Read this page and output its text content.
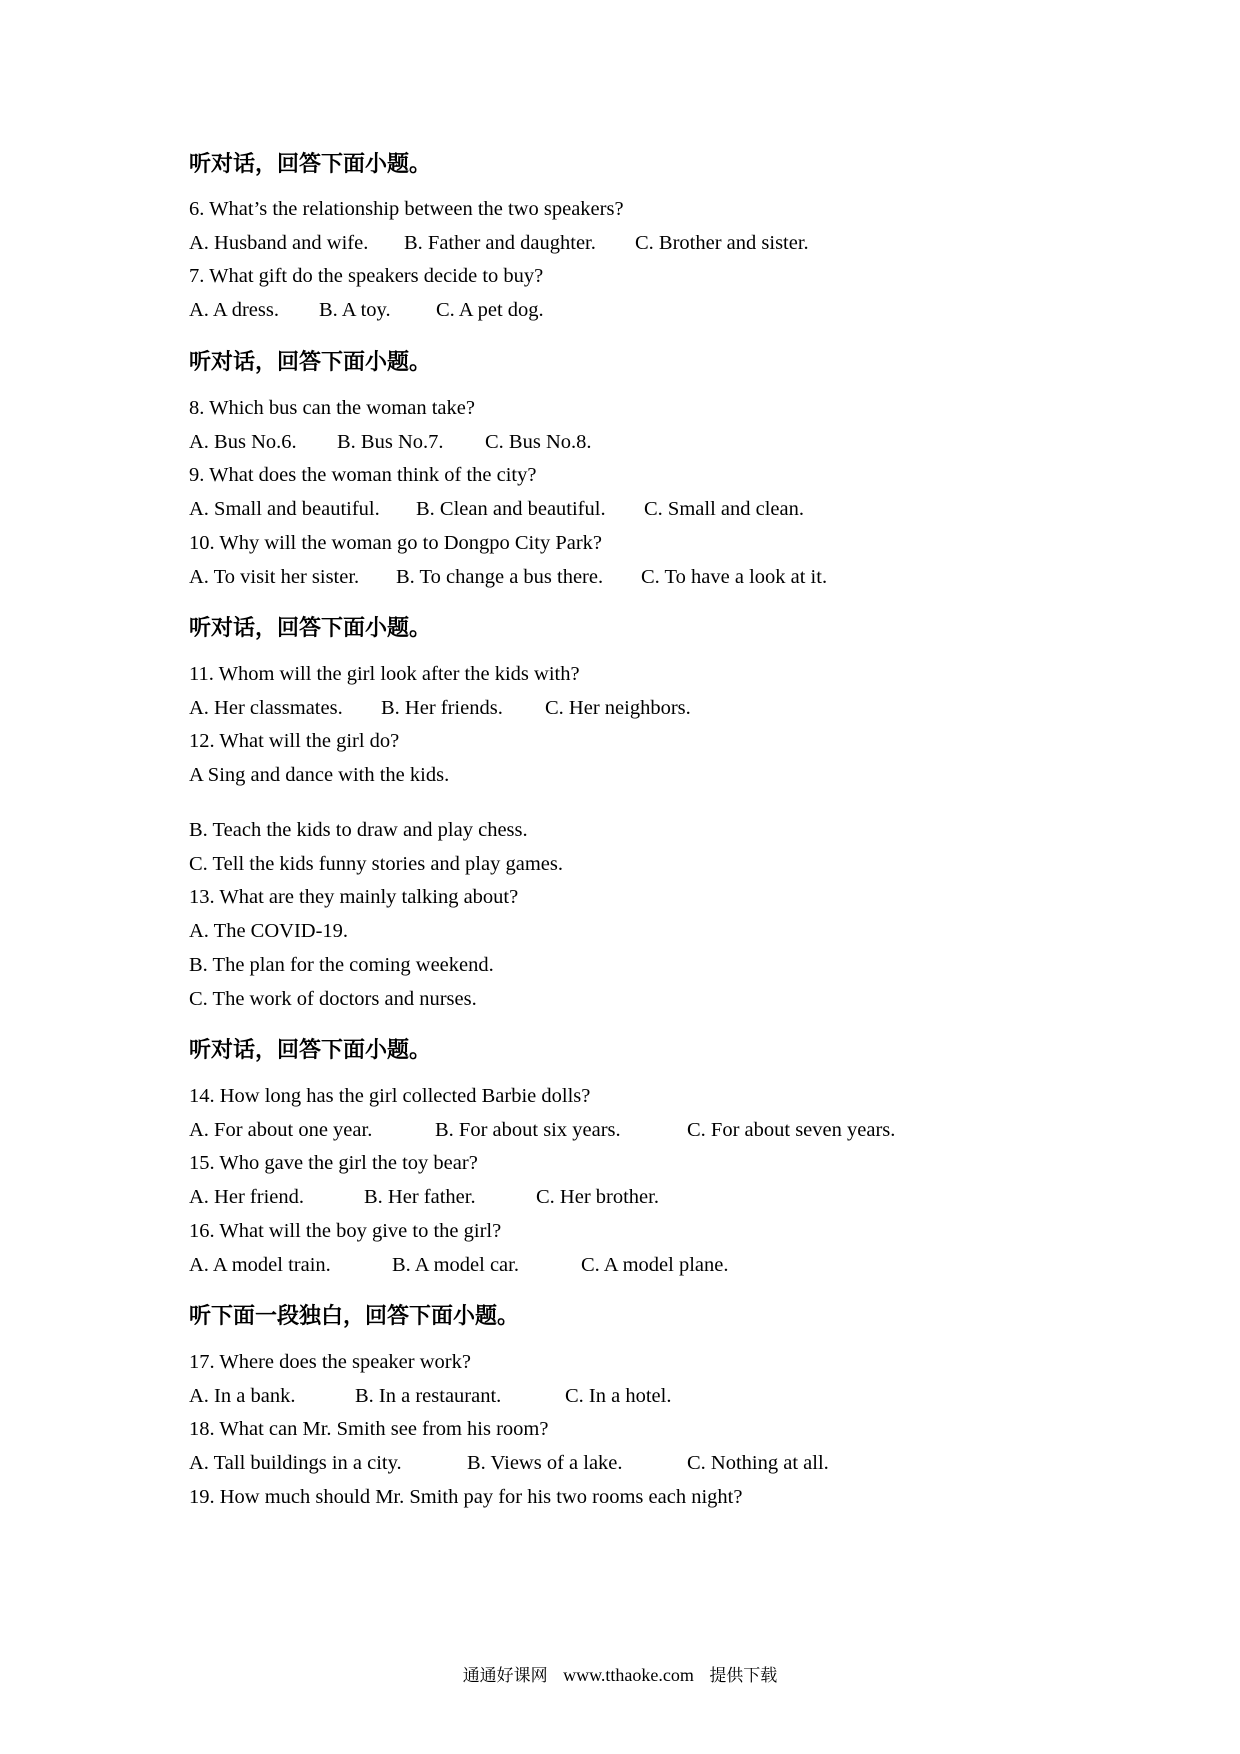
听对话，回答下面小题。
6. What’s the relationship between the two speakers?
A. Husband and wife. B. Father and daughter. C. Brother and sister.
7. What gift do the speakers decide to buy?
A. A dress. B. A toy. C. A pet dog.
听对话，回答下面小题。
8. Which bus can the woman take?
A. Bus No.6. B. Bus No.7. C. Bus No.8.
9. What does the woman think of the city?
A. Small and beautiful. B. Clean and beautiful. C. Small and clean.
10. Why will the woman go to Dongpo City Park?
A. To visit her sister. B. To change a bus there. C. To have a look at it.
听对话，回答下面小题。
11. Whom will the girl look after the kids with?
A. Her classmates. B. Her friends. C. Her neighbors.
12. What will the girl do?
A Sing and dance with the kids.
B. Teach the kids to draw and play chess.
C. Tell the kids funny stories and play games.
13. What are they mainly talking about?
A. The COVID-19.
B. The plan for the coming weekend.
C. The work of doctors and nurses.
听对话，回答下面小题。
14. How long has the girl collected Barbie dolls?
A. For about one year.	B. For about six years.	C. For about seven years.
15. Who gave the girl the toy bear?
A. Her friend.	B. Her father.	C. Her brother.
16. What will the boy give to the girl?
A. A model train.	B. A model car.	C. A model plane.
听下面一段独白，回答下面小题。
17. Where does the speaker work?
A. In a bank.	B. In a restaurant.	C. In a hotel.
18. What can Mr. Smith see from his room?
A. Tall buildings in a city.	B. Views of a lake.	C. Nothing at all.
19. How much should Mr. Smith pay for his two rooms each night?
通通好课网 www.tthaoke.com 提供下载
